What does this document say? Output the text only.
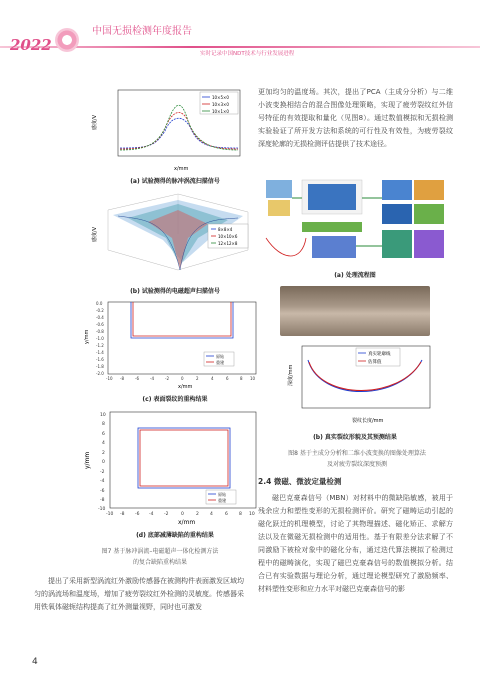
2022
中国无损检测年度报告
实时记录中国NDT技术与行业发展进程
感度/V
x/mm
10×5×0
10×3×0
10×1×0
(a) 试验测得的脉冲涡流扫描信号
感度/V	8×8×4
10×10×6
12×12×8
(b) 试验测得的电磁超声扫描信号
0.0
-0.2
-0.4
-0.6
-0.8
-1.0
-1.2
-1.4
-1.6
-1.8
-2.0
-10 -8	-6	-4	-2	0	2	4	6	8 10
y/mm
x/mm
原始
重建
(c) 表面裂纹的重构结果
10
8
6
4
2
0
-2
-4
-6
-8
-10
-10 -8 -6 -4 -2	0	2 4	6 8 10
y/mm
x/mm
原始
重建
(d) 底部减薄缺陷的重构结果
图7 基于脉冲涡流–电磁超声一体化检测方法
的复合缺陷重构结果
提出了采用新型涡流红外激励传感器在被测构件表面激发区域均匀的涡流场和温度场，增加了疲劳裂纹红外检测的灵敏度。传感器采用铁氧体磁轭结构提高了红外测量视野，同时也可激发
更加均匀的温度场。其次，提出了PCA（主成分分析）与二维小波变换相结合的混合图像处理策略，实现了疲劳裂纹红外信号特征的有效提取和量化（见图8）。通过数值模拟和无损检测实验验证了所开发方法和系统的可行性及有效性，为疲劳裂纹深度轮廓的无损检测评估提供了技术途径。
(a) 处理流程图
深度/mm
裂纹长度/mm
真实轮廓线
估算值
(b) 真实裂纹形貌及其预测结果
图8 基于主成分分析和二维小波变换的图像处理算法
及对疲劳裂纹深度预测
2.4 微磁、微波定量检测
磁巴克豪森信号（MBN）对材料中的微缺陷敏感，被用于残余应力和塑性变形的无损检测评价。研究了磁畴运动引起的磁化跃迁的机理模型，讨论了其物理描述、磁化矫正、求解方法以及在微磁无损检测中的适用性。基于有限差分法求解了不同激励下被检对象中的磁化分布，通过迭代算法模拟了检测过程中的磁畴演化，实现了磁巴克豪森信号的数值模拟分析。结合已有实验数据与理论分析，通过理论模型研究了激励频率、材料塑性变形和应力水平对磁巴克豪森信号的影
4
